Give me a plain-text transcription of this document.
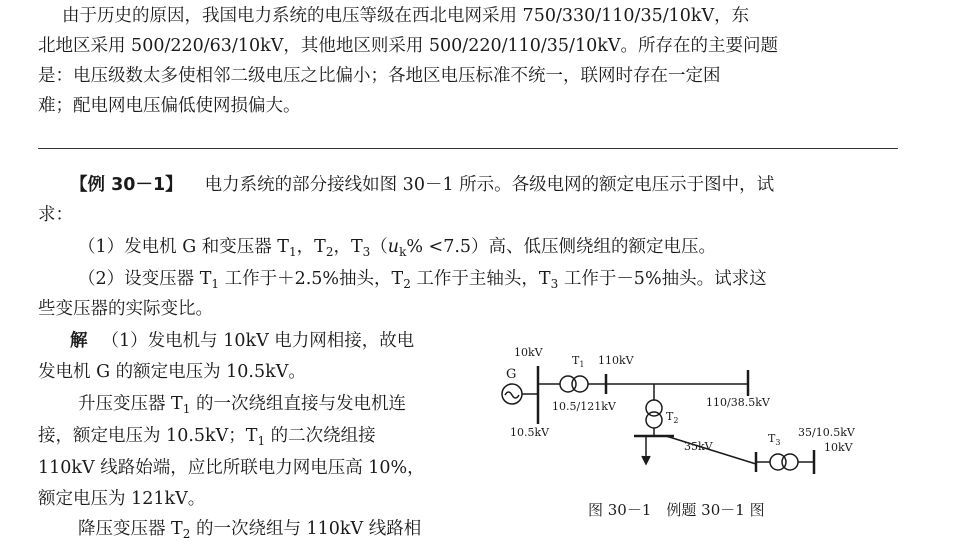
由于历史的原因，我国电力系统的电压等级在西北电网采用 750/330/110/35/10kV，东
北地区采用 500/220/63/10kV，其他地区则采用 500/220/110/35/10kV。所存在的主要问题
是：电压级数太多使相邻二级电压之比偏小；各地区电压标准不统一，联网时存在一定困
难；配电网电压偏低使网损偏大。
【例 30－1】 电力系统的部分接线如图 30－1 所示。各级电网的额定电压示于图中，试
求：
（1）发电机 G 和变压器 $T_1$，$T_2$，$T_3(u_k\% <7.5)$高、低压侧绕组的额定电压。
（2）设变压器 $T_1$ 工作于＋2.5%抽头，$T_2$ 工作于主轴头，$T_3$ 工作于－5%抽头。试求这
些变压器的实际变比。
解 （1）发电机与 10kV 电力网相接，故电
发电机 G 的额定电压为 10.5kV。
升压变压器 $T_1$ 的一次绕组直接与发电机连
接，额定电压为 10.5kV；$T_1$ 的二次绕组接
110kV 线路始端，应比所联电力网电压高 10%，
额定电压为 121kV。
降压变压器 $T_2$ 的一次绕组与 110kV 线路相
G
10kV
$T_1$ 110kV
10.5/121kV
10.5kV
$T_2$
110/38.5kV
35kV
$T_3$
35/10.5kV
10kV
图 30－1　例题 30－1 图
